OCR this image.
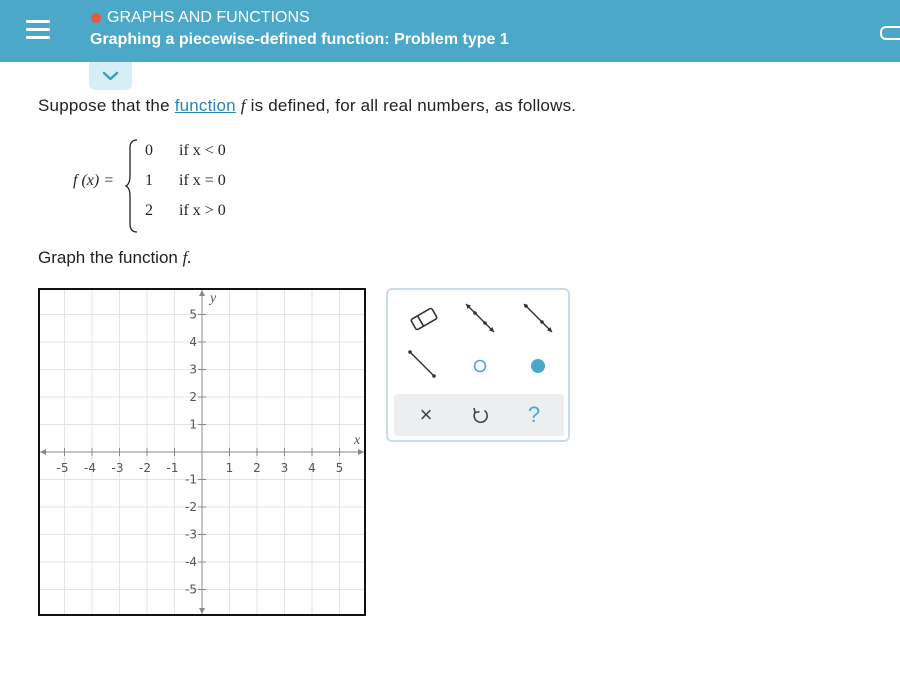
GRAPHS AND FUNCTIONS
Graphing a piecewise-defined function: Problem type 1
Suppose that the function f is defined, for all real numbers, as follows.
f (x) =
0 if x < 0
1 if x = 0
2 if x > 0
Graph the function f.
-5 -4 -3 -2 -1	1 2 3 4 5
5
4
3
2
1
-1
-2
-3
-4
-5
x
y
×	?
